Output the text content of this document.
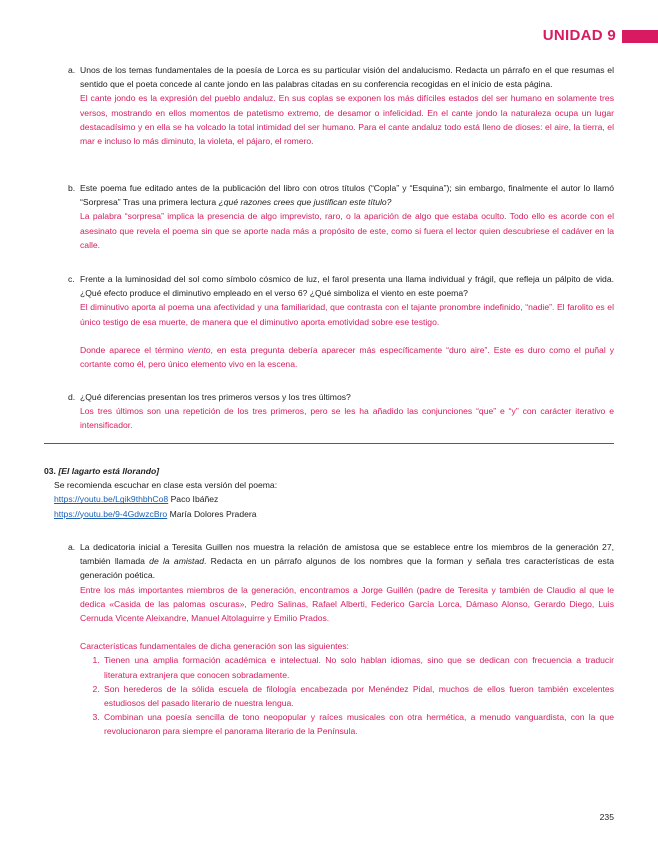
UNIDAD 9
a. Unos de los temas fundamentales de la poesía de Lorca es su particular visión del andalucismo. Redacta un párrafo en el que resumas el sentido que el poeta concede al cante jondo en las palabras citadas en su conferencia recogidas en el inicio de esta página.
El cante jondo es la expresión del pueblo andaluz. En sus coplas se exponen los más difíciles estados del ser humano en solamente tres versos, mostrando en ellos momentos de patetismo extremo, de desamor o infelicidad. En el cante jondo la naturaleza ocupa un lugar destacadísimo y en ella se ha volcado la total intimidad del ser humano. Para el cante andaluz todo está lleno de dioses: el aire, la tierra, el mar e incluso lo más diminuto, la violeta, el pájaro, el romero.
b. Este poema fue editado antes de la publicación del libro con otros títulos (“Copla” y “Esquina”); sin embargo, finalmente el autor lo llamó “Sorpresa” Tras una primera lectura ¿qué razones crees que justifican este título?
La palabra “sorpresa” implica la presencia de algo imprevisto, raro, o la aparición de algo que estaba oculto. Todo ello es acorde con el asesinato que revela el poema sin que se aporte nada más a propósito de este, como si fuera el lector quien descubriese el cadáver en la calle.
c. Frente a la luminosidad del sol como símbolo cósmico de luz, el farol presenta una llama individual y frágil, que refleja un pálpito de vida. ¿Qué efecto produce el diminutivo empleado en el verso 6? ¿Qué simboliza el viento en este poema?
El diminutivo aporta al poema una afectividad y una familiaridad, que contrasta con el tajante pronombre indefinido, “nadie”. El farolito es el único testigo de esa muerte, de manera que el diminutivo aporta emotividad sobre ese testigo.
Donde aparece el término viento, en esta pregunta debería aparecer más específicamente “duro aire”. Este es duro como el puñal y cortante como él, pero único elemento vivo en la escena.
d. ¿Qué diferencias presentan los tres primeros versos y los tres últimos?
Los tres últimos son una repetición de los tres primeros, pero se les ha añadido las conjunciones “que” e “y” con carácter iterativo e intensificador.
03. [El lagarto está llorando]
Se recomienda escuchar en clase esta versión del poema:
https://youtu.be/Lgik9thbhCo8 Paco Ibáñez
https://youtu.be/9-4GdwzcBro María Dolores Pradera
a. La dedicatoria inicial a Teresita Guillen nos muestra la relación de amistosa que se establece entre los miembros de la generación 27, también llamada de la amistad. Redacta en un párrafo algunos de los nombres que la forman y señala tres características de esta generación poética.
Entre los más importantes miembros de la generación, encontramos a Jorge Guillén (padre de Teresita y también de Claudio al que le dedica «Casida de las palomas oscuras», Pedro Salinas, Rafael Alberti, Federico García Lorca, Dámaso Alonso, Gerardo Diego, Luis Cernuda Vicente Aleixandre, Manuel Altolaguirre y Emilio Prados.
Características fundamentales de dicha generación son las siguientes:
1. Tienen una amplia formación académica e intelectual. No solo hablan idiomas, sino que se dedican con frecuencia a traducir literatura extranjera que conocen sobradamente.
2. Son herederos de la sólida escuela de filología encabezada por Menéndez Pidal, muchos de ellos fueron también excelentes estudiosos del pasado literario de nuestra lengua.
3. Combinan una poesía sencilla de tono neopopular y raíces musicales con otra hermética, a menudo vanguardista, con la que revolucionaron para siempre el panorama literario de la Península.
235
